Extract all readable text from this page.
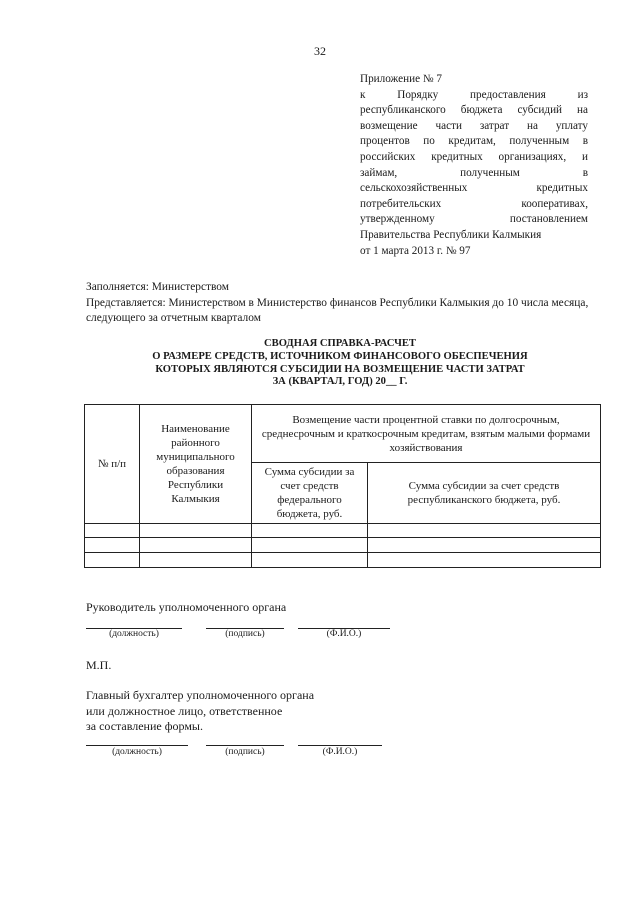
32
Приложение № 7
к Порядку предоставления из
республиканского бюджета субсидий на
возмещение части затрат на уплату
процентов по кредитам, полученным в
российских кредитных организациях, и
займам, полученным в
сельскохозяйственных кредитных
потребительских кооперативах,
утвержденному постановлением
Правительства Республики Калмыкия
от 1 марта 2013 г. № 97
Заполняется: Министерством
Представляется: Министерством в Министерство финансов Республики Калмыкия до 10 числа месяца, следующего за отчетным кварталом
СВОДНАЯ СПРАВКА-РАСЧЕТ
О РАЗМЕРЕ СРЕДСТВ, ИСТОЧНИКОМ ФИНАНСОВОГО ОБЕСПЕЧЕНИЯ
КОТОРЫХ ЯВЛЯЮТСЯ СУБСИДИИ НА ВОЗМЕЩЕНИЕ ЧАСТИ ЗАТРАТ
ЗА (КВАРТАЛ, ГОД) 20__ Г.
№ п/п	Наименование районного муниципального образования Республики Калмыкия	Возмещение части процентной ставки по долгосрочным, среднесрочным и краткосрочным кредитам, взятым малыми формами хозяйствования	
		Сумма субсидии за счет средств федерального бюджета, руб.	Сумма субсидии за счет средств республиканского бюджета, руб.

Руководитель уполномоченного органа
(должность)	(подпись)	(Ф.И.О.)
М.П.
Главный бухгалтер уполномоченного органа
или должностное лицо, ответственное
за составление формы.
(должность)	(подпись)	(Ф.И.О.)
